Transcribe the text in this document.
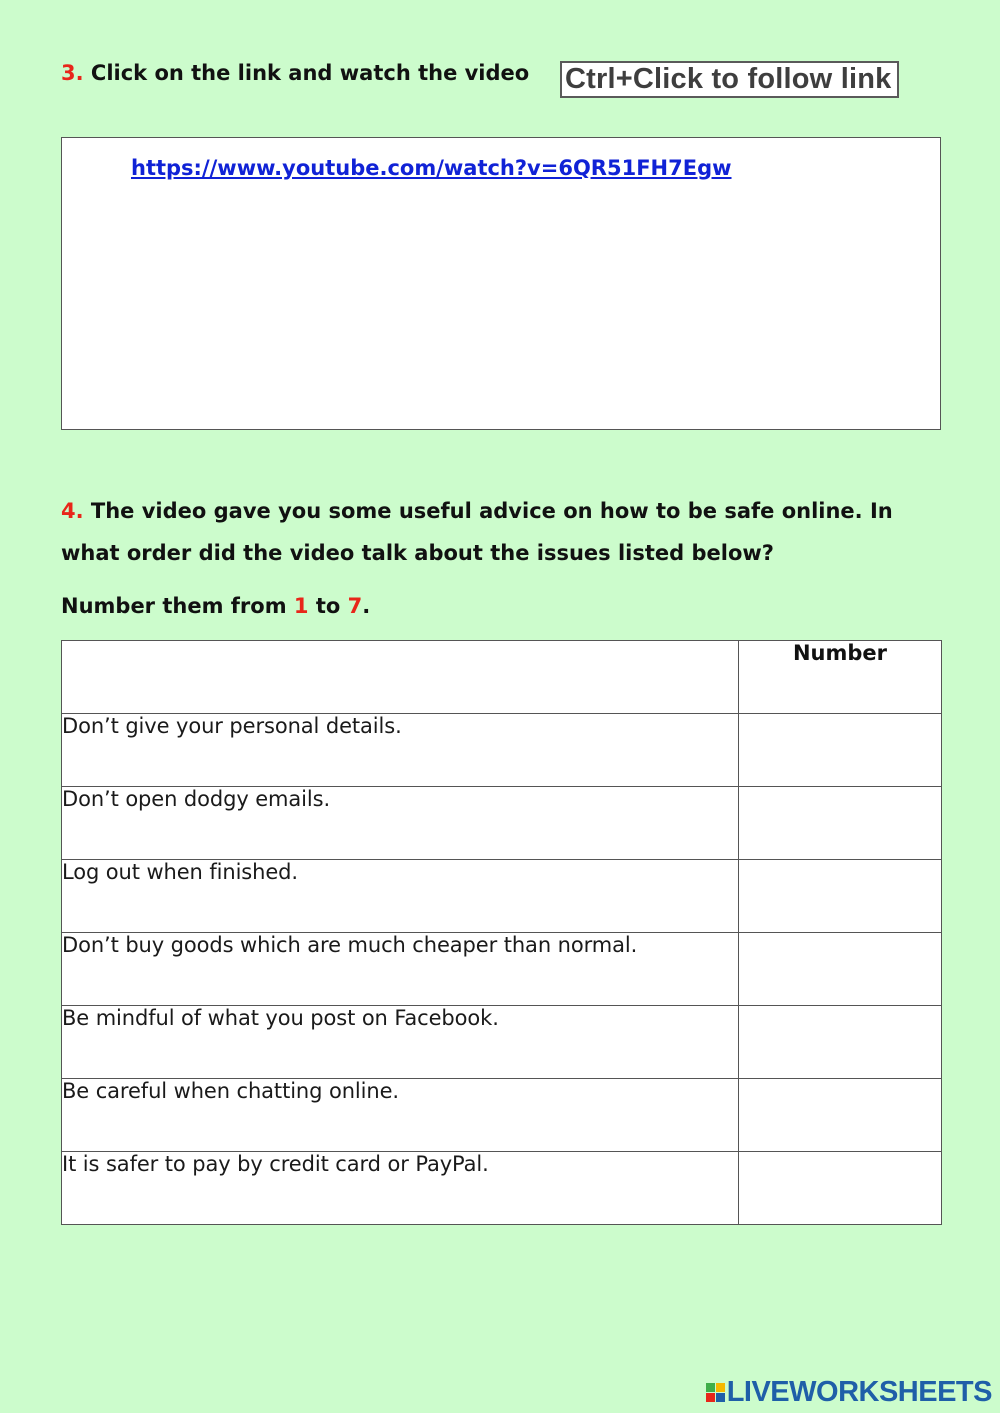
3. Click on the link and watch the video Ctrl+Click to follow link
https://www.youtube.com/watch?v=6QR51FH7Egw
4. The video gave you some useful advice on how to be safe online. In what order did the video talk about the issues listed below?
Number them from 1 to 7.
	Number
Don’t give your personal details.	
Don’t open dodgy emails.	
Log out when finished.	
Don’t buy goods which are much cheaper than normal.	
Be mindful of what you post on Facebook.	
Be careful when chatting online.	
It is safer to pay by credit card or PayPal.	
LIVEWORKSHEETS
